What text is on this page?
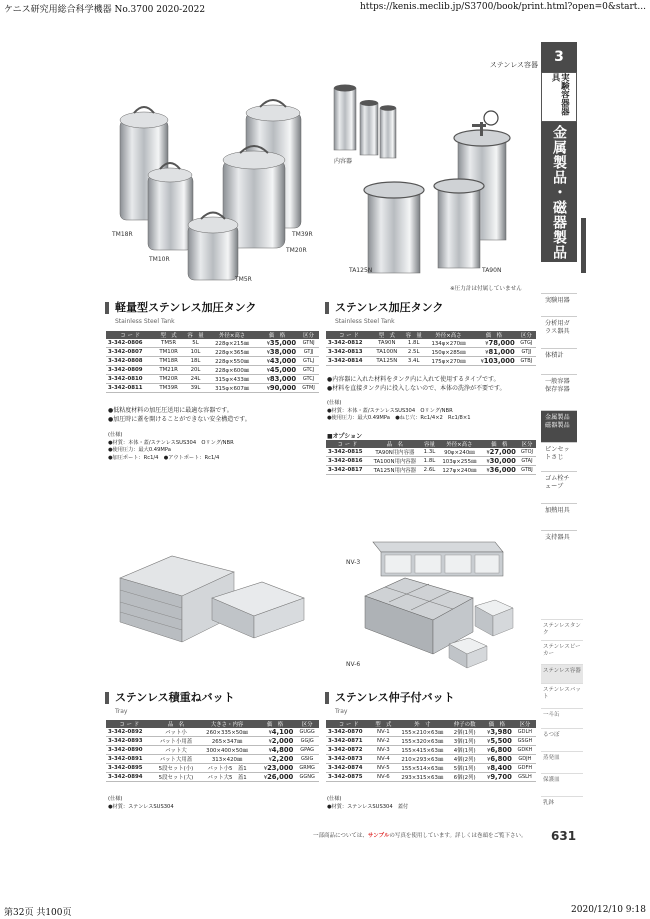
ケニス研究用総合科学機器 No.3700 2020-2022	https://kenis.meclib.jp/S3700/book/print.html?open=0&start...
第32页 共100页	2020/12/10 9:18
ステンレス容器	3
実験容器器具
金属製品・磁器製品
実験用器
分析用ガラス器具
体積計
一般容器保存容器
金属製品磁器製品
ピンセットさじ
ゴム栓チューブ
加熱用具
支持器具
ステンレスタンク
ステンレスビーカー
ステンレス容器
ステンレスバット
一斗缶
るつぼ
蒸発皿
保護皿
乳鉢
631
TM18R
TM10R
TM5R
TM39R
TM20R
内容器
TA125N	TA90N
※圧力計は付属していません
NV-3
NV-6
軽量型ステンレス加圧タンク
Stainless Steel Tank
コ ー ド	型　式	容　量	外径×高さ	価　格	区分
3-342-0806	TM5R	5L	228φ×215㎜	¥35,000	GTNJ
3-342-0807	TM10R	10L	228φ×365㎜	¥38,000	GTJJ
3-342-0808	TM18R	18L	228φ×550㎜	¥43,000	GTLJ
3-342-0809	TM21R	20L	228φ×600㎜	¥45,000	GTCJ
3-342-0810	TM20R	24L	315φ×433㎜	¥83,000	GTCJ
3-342-0811	TM39R	39L	315φ×607㎜	¥90,000	GTMJ
●低粘度材料の加圧圧送用に最適な容器です。
●加圧時に蓋を開けることができない安全構造です。
(仕様)
●材質：本体・蓋/ステンレスSUS304　Oリング/NBR
●使用圧力：最大0.49MPa
●加圧ポート：Rc1/4　●アウトポート：Rc1/4
ステンレス加圧タンク
Stainless Steel Tank
コ ー ド	型　式	容　量	外径×高さ	価　格	区分
3-342-0812	TA90N	1.8L	134φ×270㎜	¥78,000	GTGJ
3-342-0813	TA100N	2.5L	150φ×285㎜	¥81,000	GTJJ
3-342-0814	TA125N	3.4L	175φ×270㎜	¥103,000	GTBJ
●内容器に入れた材料をタンク内に入れて使用するタイプです。
●材料を直接タンク内に投入しないので、本体の洗浄が不要です。
(仕様)
●材質：本体・蓋/ステンレスSUS304　Oリング/NBR
●使用圧力：最大0.49MPa　●ねじ穴：Rc1/4×2　Rc1/8×1
■オプション
コ ー ド	品　名	容量	外径×高さ	価　格	区分
3-342-0815	TA90N用内容器	1.3L	90φ×240㎜	¥27,000	GTOJ
3-342-0816	TA100N用内容器	1.8L	103φ×255㎜	¥30,000	GTAJ
3-342-0817	TA125N用内容器	2.6L	127φ×240㎜	¥36,000	GTBJ
ステンレス積重ねバット
Tray
コ ー ド	品　名	大きさ・内容	価　格	区分
3-342-0892	バット小	260×335×50㎜	¥4,100	GUGG
3-342-0893	バット小用蓋	265×347㎜	¥2,000	GGJG
3-342-0890	バット大	300×400×50㎜	¥4,800	GPAG
3-342-0891	バット大用蓋	313×420㎜	¥2,200	GSIG
3-342-0895	5段セット(小)	バット小5　蓋1	¥23,000	GRMG
3-342-0894	5段セット(大)	バット大5　蓋1	¥26,000	GGNG
(仕様)
●材質：ステンレスSUS304
ステンレス仲子付バット
Tray
コ ー ド	型　式	外　寸	仲子の数	価　格	区分
3-342-0870	NV-1	155×210×63㎜	2個(1列)	¥3,980	GDLH
3-342-0871	NV-2	155×320×63㎜	3個(1列)	¥5,500	GSGH
3-342-0872	NV-3	155×415×63㎜	4個(1列)	¥6,800	GDKH
3-342-0873	NV-4	210×293×63㎜	4個(2列)	¥6,800	GDJH
3-342-0874	NV-5	155×514×63㎜	5個(1列)	¥8,400	GDFH
3-342-0875	NV-6	293×315×63㎜	6個(2列)	¥9,700	GSLH
(仕様)
●材質：ステンレスSUS304　蓋付
一部商品については、サンプルの写真を使用しています。詳しくは巻頭をご覧下さい。
